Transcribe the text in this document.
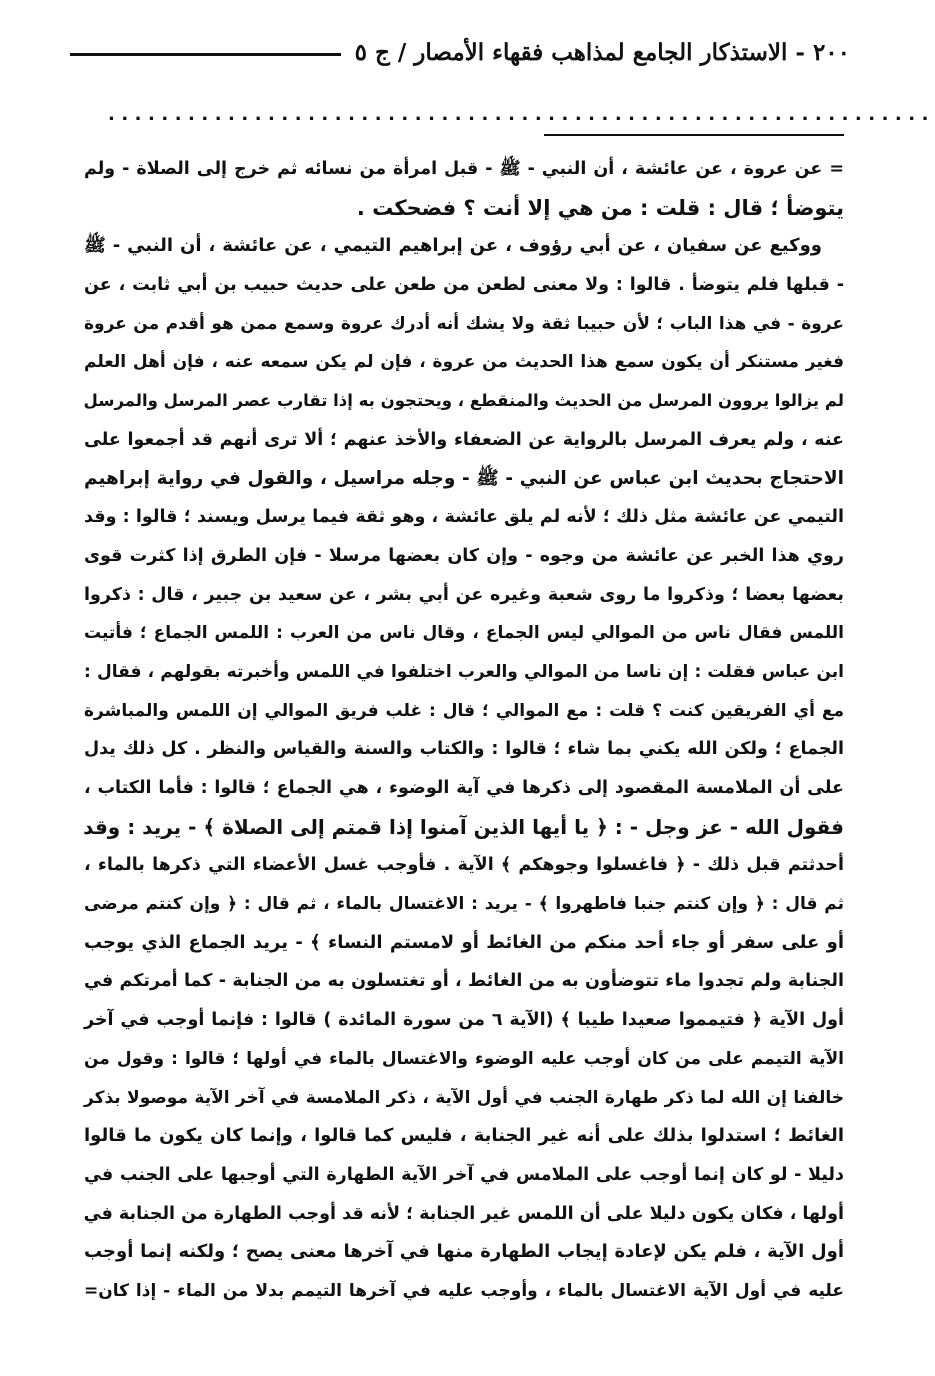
٢٠٠ - الاستذكار الجامع لمذاهب فقهاء الأمصار / ج ٥
..............................................................
= عن عروة ، عن عائشة ، أن النبي - ﷺ - قبل امرأة من نسائه ثم خرج إلى الصلاة - ولم
يتوضأ ؛ قال : قلت : من هي إلا أنت ؟ فضحكت .
ووكيع عن سفيان ، عن أبي رؤوف ، عن إبراهيم التيمي ، عن عائشة ، أن النبي - ﷺ
- قبلها فلم يتوضأ . قالوا : ولا معنى لطعن من طعن على حديث حبيب بن أبي ثابت ، عن
عروة - في هذا الباب ؛ لأن حبيبا ثقة ولا يشك أنه أدرك عروة وسمع ممن هو أقدم من عروة
فغير مستنكر أن يكون سمع هذا الحديث من عروة ، فإن لم يكن سمعه عنه ، فإن أهل العلم
لم يزالوا يروون المرسل من الحديث والمنقطع ، ويحتجون به إذا تقارب عصر المرسل والمرسل
عنه ، ولم يعرف المرسل بالرواية عن الضعفاء والأخذ عنهم ؛ ألا ترى أنهم قد أجمعوا على
الاحتجاج بحديث ابن عباس عن النبي - ﷺ - وجله مراسيل ، والقول في رواية إبراهيم
التيمي عن عائشة مثل ذلك ؛ لأنه لم يلق عائشة ، وهو ثقة فيما يرسل ويسند ؛ قالوا : وقد
روي هذا الخبر عن عائشة من وجوه - وإن كان بعضها مرسلا - فإن الطرق إذا كثرت قوى
بعضها بعضا ؛ وذكروا ما روى شعبة وغيره عن أبي بشر ، عن سعيد بن جبير ، قال : ذكروا
اللمس فقال ناس من الموالي ليس الجماع ، وقال ناس من العرب : اللمس الجماع ؛ فأتيت
ابن عباس فقلت : إن ناسا من الموالي والعرب اختلفوا في اللمس وأخبرته بقولهم ، فقال :
مع أي الفريقين كنت ؟ قلت : مع الموالي ؛ قال : غلب فريق الموالي إن اللمس والمباشرة
الجماع ؛ ولكن الله يكني بما شاء ؛ قالوا : والكتاب والسنة والقياس والنظر . كل ذلك يدل
على أن الملامسة المقصود إلى ذكرها في آية الوضوء ، هي الجماع ؛ قالوا : فأما الكتاب ،
فقول الله - عز وجل - : ﴿ يا أيها الذين آمنوا إذا قمتم إلى الصلاة ﴾ - يريد : وقد
أحدثتم قبل ذلك - ﴿ فاغسلوا وجوهكم ﴾ الآية . فأوجب غسل الأعضاء التي ذكرها بالماء ،
ثم قال : ﴿ وإن كنتم جنبا فاطهروا ﴾ - يريد : الاغتسال بالماء ، ثم قال : ﴿ وإن كنتم مرضى
أو على سفر أو جاء أحد منكم من الغائط أو لامستم النساء ﴾ - يريد الجماع الذي يوجب
الجنابة ولم تجدوا ماء تتوضأون به من الغائط ، أو تغتسلون به من الجنابة - كما أمرتكم في
أول الآية ﴿ فتيمموا صعيدا طيبا ﴾ (الآية ٦ من سورة المائدة ) قالوا : فإنما أوجب في آخر
الآية التيمم على من كان أوجب عليه الوضوء والاغتسال بالماء في أولها ؛ قالوا : وقول من
خالفنا إن الله لما ذكر طهارة الجنب في أول الآية ، ذكر الملامسة في آخر الآية موصولا بذكر
الغائط ؛ استدلوا بذلك على أنه غير الجنابة ، فليس كما قالوا ، وإنما كان يكون ما قالوا
دليلا - لو كان إنما أوجب على الملامس في آخر الآية الطهارة التي أوجبها على الجنب في
أولها ، فكان يكون دليلا على أن اللمس غير الجنابة ؛ لأنه قد أوجب الطهارة من الجنابة في
أول الآية ، فلم يكن لإعادة إيجاب الطهارة منها في آخرها معنى يصح ؛ ولكنه إنما أوجب
عليه في أول الآية الاغتسال بالماء ، وأوجب عليه في آخرها التيمم بدلا من الماء - إذا كان=
